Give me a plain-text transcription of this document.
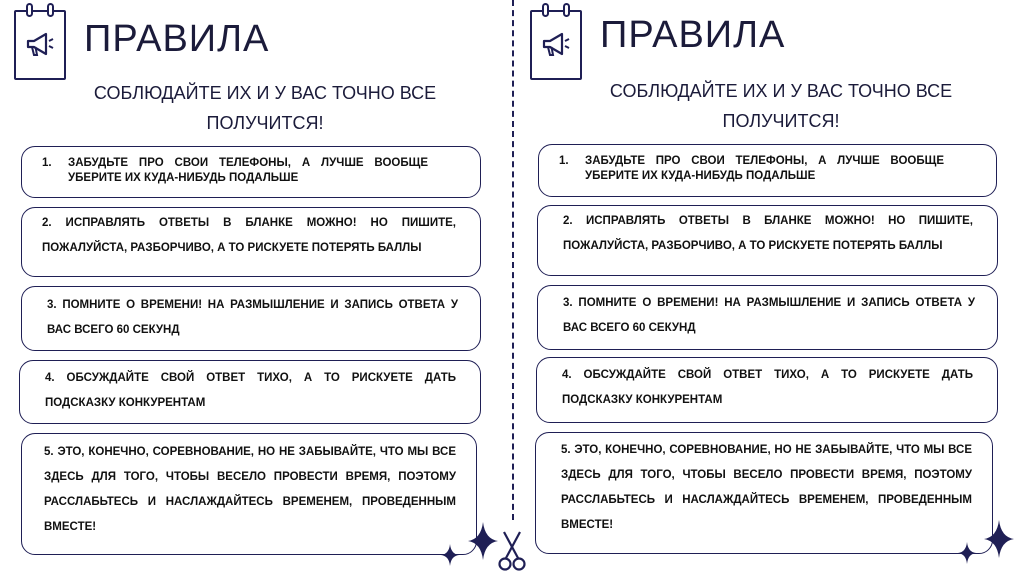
ПРАВИЛА

СОБЛЮДАЙТЕ ИХ И У ВАС ТОЧНО ВСЕ ПОЛУЧИТСЯ!

1.	ЗАБУДЬТЕ ПРО СВОИ ТЕЛЕФОНЫ, А ЛУЧШЕ ВООБЩЕ УБЕРИТЕ ИХ КУДА-НИБУДЬ ПОДАЛЬШЕ
2. ИСПРАВЛЯТЬ ОТВЕТЫ В БЛАНКЕ МОЖНО! НО ПИШИТЕ, ПОЖАЛУЙСТА, РАЗБОРЧИВО, А ТО РИСКУЕТЕ ПОТЕРЯТЬ БАЛЛЫ
3. ПОМНИТЕ О ВРЕМЕНИ! НА РАЗМЫШЛЕНИЕ И ЗАПИСЬ ОТВЕТА У ВАС ВСЕГО 60 СЕКУНД
4. ОБСУЖДАЙТЕ СВОЙ ОТВЕТ ТИХО, А ТО РИСКУЕТЕ ДАТЬ ПОДСКАЗКУ КОНКУРЕНТАМ
5. ЭТО, КОНЕЧНО, СОРЕВНОВАНИЕ, НО НЕ ЗАБЫВАЙТЕ, ЧТО МЫ ВСЕ ЗДЕСЬ ДЛЯ ТОГО, ЧТОБЫ ВЕСЕЛО ПРОВЕСТИ ВРЕМЯ, ПОЭТОМУ РАССЛАБЬТЕСЬ И НАСЛАЖДАЙТЕСЬ ВРЕМЕНЕМ, ПРОВЕДЕННЫМ ВМЕСТЕ!
ПРАВИЛА

СОБЛЮДАЙТЕ ИХ И У ВАС ТОЧНО ВСЕ ПОЛУЧИТСЯ!

1.	ЗАБУДЬТЕ ПРО СВОИ ТЕЛЕФОНЫ, А ЛУЧШЕ ВООБЩЕ УБЕРИТЕ ИХ КУДА-НИБУДЬ ПОДАЛЬШЕ
2. ИСПРАВЛЯТЬ ОТВЕТЫ В БЛАНКЕ МОЖНО! НО ПИШИТЕ, ПОЖАЛУЙСТА, РАЗБОРЧИВО, А ТО РИСКУЕТЕ ПОТЕРЯТЬ БАЛЛЫ
3. ПОМНИТЕ О ВРЕМЕНИ! НА РАЗМЫШЛЕНИЕ И ЗАПИСЬ ОТВЕТА У ВАС ВСЕГО 60 СЕКУНД
4. ОБСУЖДАЙТЕ СВОЙ ОТВЕТ ТИХО, А ТО РИСКУЕТЕ ДАТЬ ПОДСКАЗКУ КОНКУРЕНТАМ
5. ЭТО, КОНЕЧНО, СОРЕВНОВАНИЕ, НО НЕ ЗАБЫВАЙТЕ, ЧТО МЫ ВСЕ ЗДЕСЬ ДЛЯ ТОГО, ЧТОБЫ ВЕСЕЛО ПРОВЕСТИ ВРЕМЯ, ПОЭТОМУ РАССЛАБЬТЕСЬ И НАСЛАЖДАЙТЕСЬ ВРЕМЕНЕМ, ПРОВЕДЕННЫМ ВМЕСТЕ!
